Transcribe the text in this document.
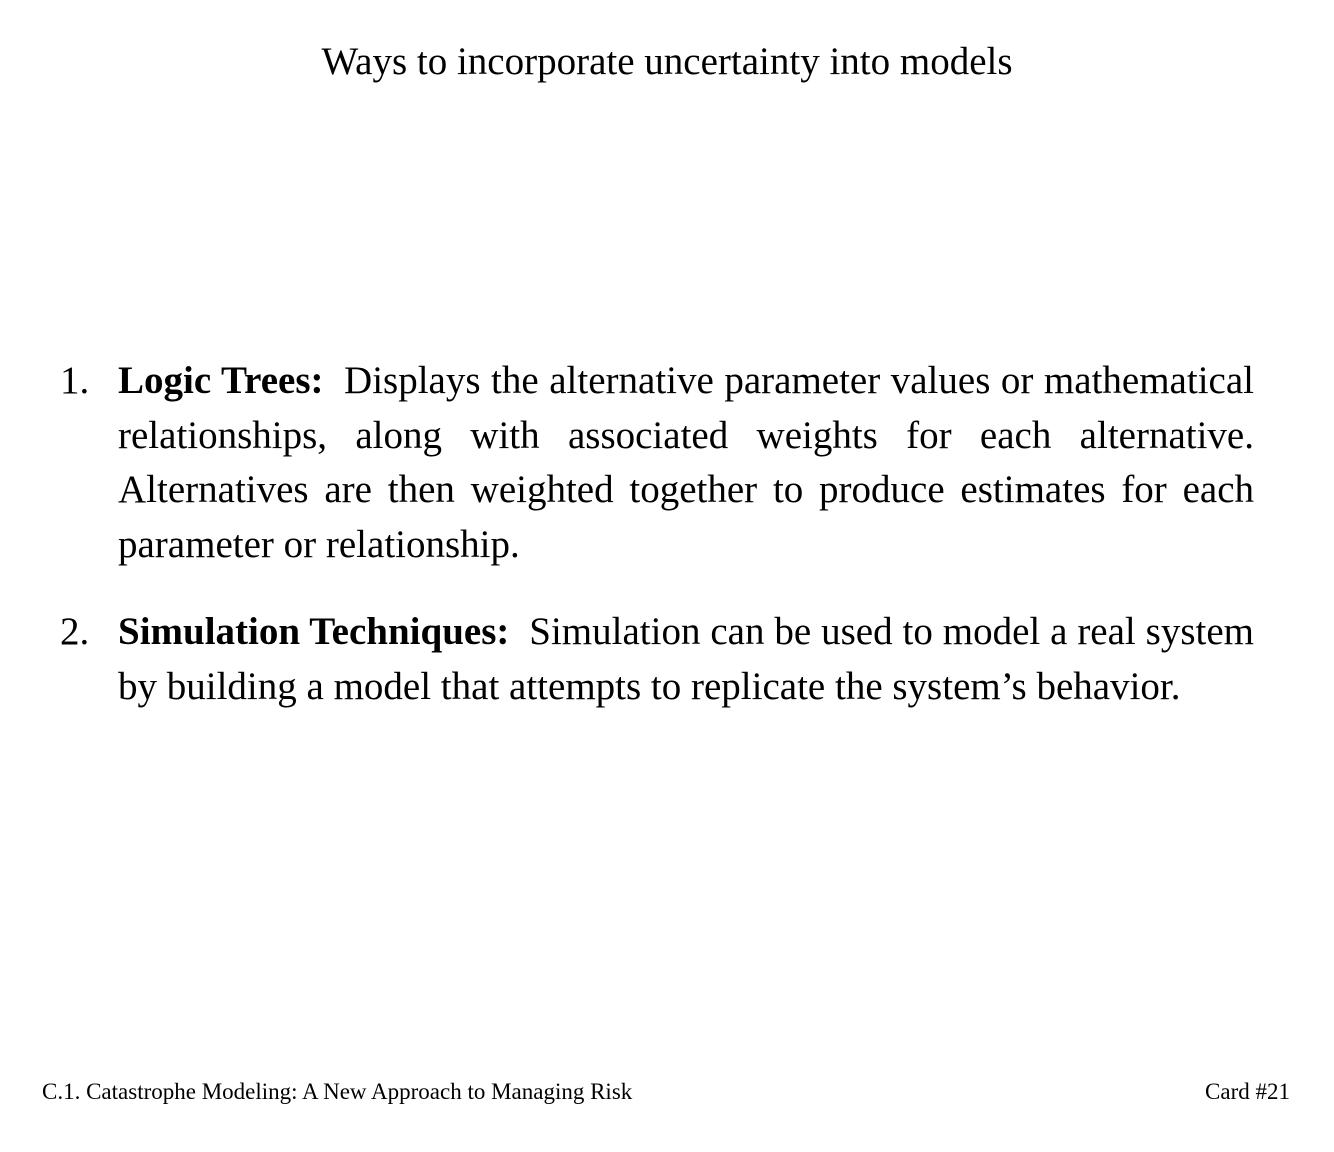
Ways to incorporate uncertainty into models
1. Logic Trees: Displays the alternative parameter values or mathematical relationships, along with associated weights for each alternative. Alternatives are then weighted together to produce estimates for each parameter or relationship.
2. Simulation Techniques: Simulation can be used to model a real system by building a model that attempts to replicate the system’s behavior.
C.1. Catastrophe Modeling: A New Approach to Managing Risk	Card #21
